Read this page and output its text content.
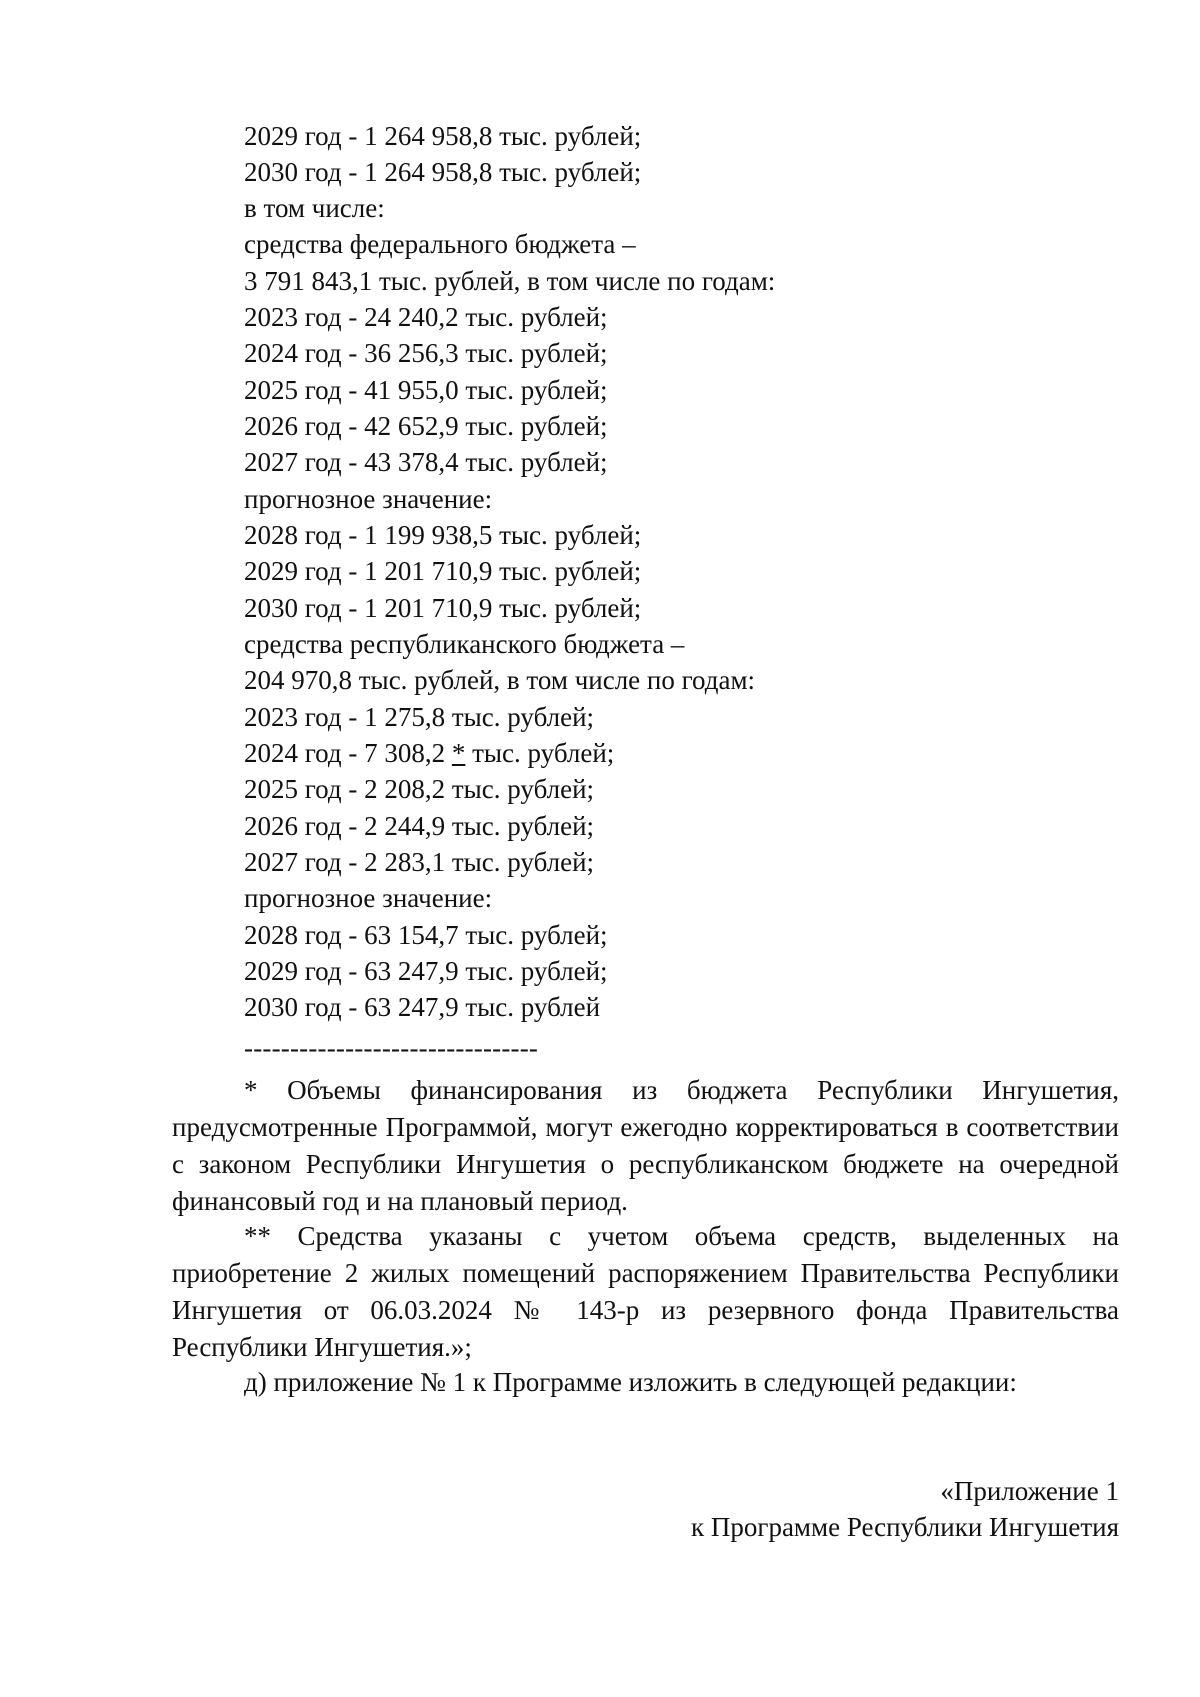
2029 год - 1 264 958,8 тыс. рублей;
2030 год - 1 264 958,8 тыс. рублей;
в том числе:
средства федерального бюджета –
3 791 843,1 тыс. рублей, в том числе по годам:
2023 год - 24 240,2 тыс. рублей;
2024 год - 36 256,3 тыс. рублей;
2025 год - 41 955,0 тыс. рублей;
2026 год - 42 652,9 тыс. рублей;
2027 год - 43 378,4 тыс. рублей;
прогнозное значение:
2028 год - 1 199 938,5 тыс. рублей;
2029 год - 1 201 710,9 тыс. рублей;
2030 год - 1 201 710,9 тыс. рублей;
средства республиканского бюджета –
204 970,8 тыс. рублей, в том числе по годам:
2023 год - 1 275,8 тыс. рублей;
2024 год - 7 308,2 * тыс. рублей;
2025 год - 2 208,2 тыс. рублей;
2026 год - 2 244,9 тыс. рублей;
2027 год - 2 283,1 тыс. рублей;
прогнозное значение:
2028 год - 63 154,7 тыс. рублей;
2029 год - 63 247,9 тыс. рублей;
2030 год - 63 247,9 тыс. рублей
--------------------------------
* Объемы финансирования из бюджета Республики Ингушетия, предусмотренные Программой, могут ежегодно корректироваться в соответствии с законом Республики Ингушетия о республиканском бюджете на очередной финансовый год и на плановый период.
** Средства указаны с учетом объема средств, выделенных на приобретение 2 жилых помещений распоряжением Правительства Республики Ингушетия от 06.03.2024 № 143-р из резервного фонда Правительства Республики Ингушетия.»;
д) приложение № 1 к Программе изложить в следующей редакции:
«Приложение 1
к Программе Республики Ингушетия
